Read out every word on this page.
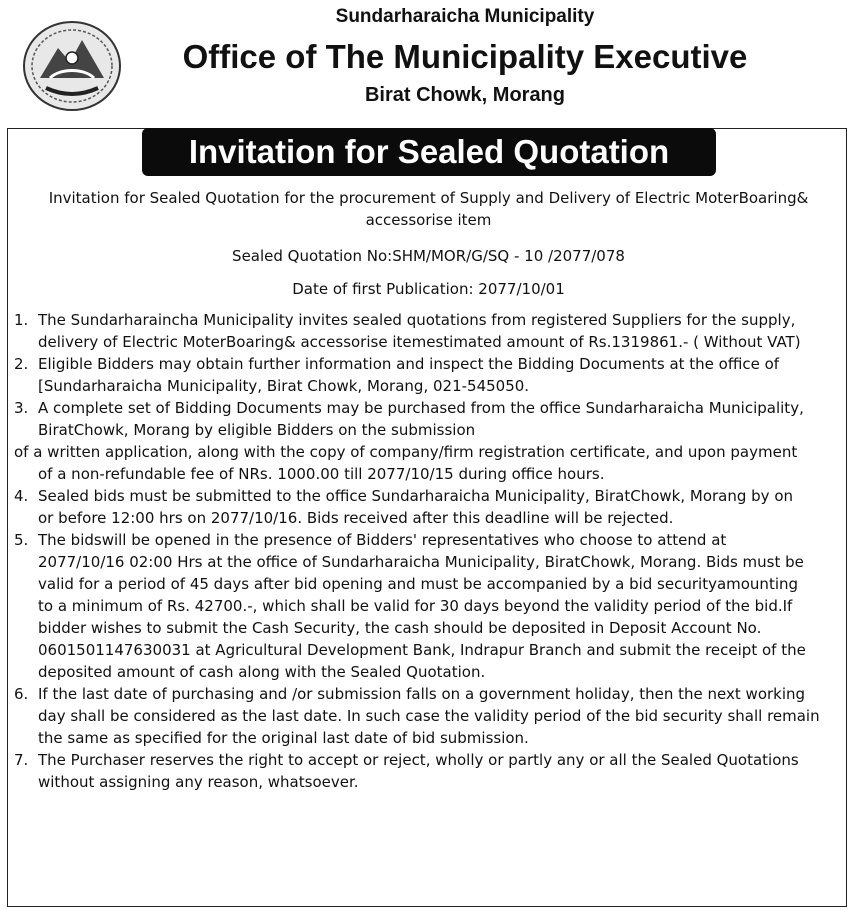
Sundarharaicha Municipality
Office of The Municipality Executive
Birat Chowk, Morang
Invitation for Sealed Quotation
Invitation for Sealed Quotation for the procurement of Supply and Delivery of Electric MoterBoaring&
accessorise item
Sealed Quotation No:SHM/MOR/G/SQ - 10 /2077/078
Date of first Publication: 2077/10/01

1. The Sundarharaincha Municipality invites sealed quotations from registered Suppliers for the supply,

delivery of Electric MoterBoaring& accessorise itemestimated amount of Rs.1319861.- ( Without VAT)

2. Eligible Bidders may obtain further information and inspect the Bidding Documents at the office of

[Sundarharaicha Municipality, Birat Chowk, Morang, 021-545050.

3. A complete set of Bidding Documents may be purchased from the office Sundarharaicha Municipality,

BiratChowk, Morang by eligible Bidders on the submission

of a written application, along with the copy of company/firm registration certificate, and upon payment

of a non-refundable fee of NRs. 1000.00 till 2077/10/15 during office hours.

4. Sealed bids must be submitted to the office Sundarharaicha Municipality, BiratChowk, Morang by on

or before 12:00 hrs on 2077/10/16. Bids received after this deadline will be rejected.

5. The bidswill be opened in the presence of Bidders' representatives who choose to attend at

2077/10/16 02:00 Hrs at the office of Sundarharaicha Municipality, BiratChowk, Morang. Bids must be

valid for a period of 45 days after bid opening and must be accompanied by a bid securityamounting

to a minimum of Rs. 42700.-, which shall be valid for 30 days beyond the validity period of the bid.If

bidder wishes to submit the Cash Security, the cash should be deposited in Deposit Account No.

0601501147630031 at Agricultural Development Bank, Indrapur Branch and submit the receipt of the

deposited amount of cash along with the Sealed Quotation.

6. If the last date of purchasing and /or submission falls on a government holiday, then the next working

day shall be considered as the last date. In such case the validity period of the bid security shall remain

the same as specified for the original last date of bid submission.

7. The Purchaser reserves the right to accept or reject, wholly or partly any or all the Sealed Quotations

without assigning any reason, whatsoever.
